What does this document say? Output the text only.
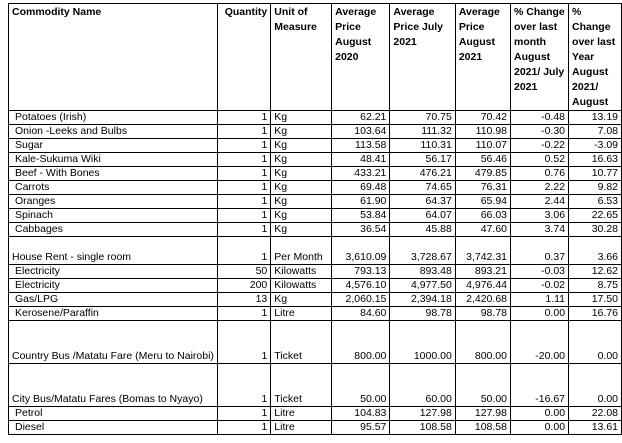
Commodity Name	Quantity	Unit of Measure	Average Price August 2020	Average Price July 2021	Average Price August 2021	% Change over last month August 2021/ July 2021	% Change over last Year August 2021/ August
Potatoes (Irish)	1	Kg	62.21	70.75	70.42	-0.48	13.19
Onion -Leeks and Bulbs	1	Kg	103.64	111.32	110.98	-0.30	7.08
Sugar	1	Kg	113.58	110.31	110.07	-0.22	-3.09
Kale-Sukuma Wiki	1	Kg	48.41	56.17	56.46	0.52	16.63
Beef - With Bones	1	Kg	433.21	476.21	479.85	0.76	10.77
Carrots	1	Kg	69.48	74.65	76.31	2.22	9.82
Oranges	1	Kg	61.90	64.37	65.94	2.44	6.53
Spinach	1	Kg	53.84	64.07	66.03	3.06	22.65
Cabbages	1	Kg	36.54	45.88	47.60	3.74	30.28
House Rent - single room	1	Per Month	3,610.09	3,728.67	3,742.31	0.37	3.66
Electricity	50	Kilowatts	793.13	893.48	893.21	-0.03	12.62
Electricity	200	Kilowatts	4,576.10	4,977.50	4,976.44	-0.02	8.75
Gas/LPG	13	Kg	2,060.15	2,394.18	2,420.68	1.11	17.50
Kerosene/Paraffin	1	Litre	84.60	98.78	98.78	0.00	16.76
Country Bus /Matatu Fare (Meru to Nairobi)	1	Ticket	800.00	1000.00	800.00	-20.00	0.00
City Bus/Matatu Fares (Bomas to Nyayo)	1	Ticket	50.00	60.00	50.00	-16.67	0.00
Petrol	1	Litre	104.83	127.98	127.98	0.00	22.08
Diesel	1	Litre	95.57	108.58	108.58	0.00	13.61
